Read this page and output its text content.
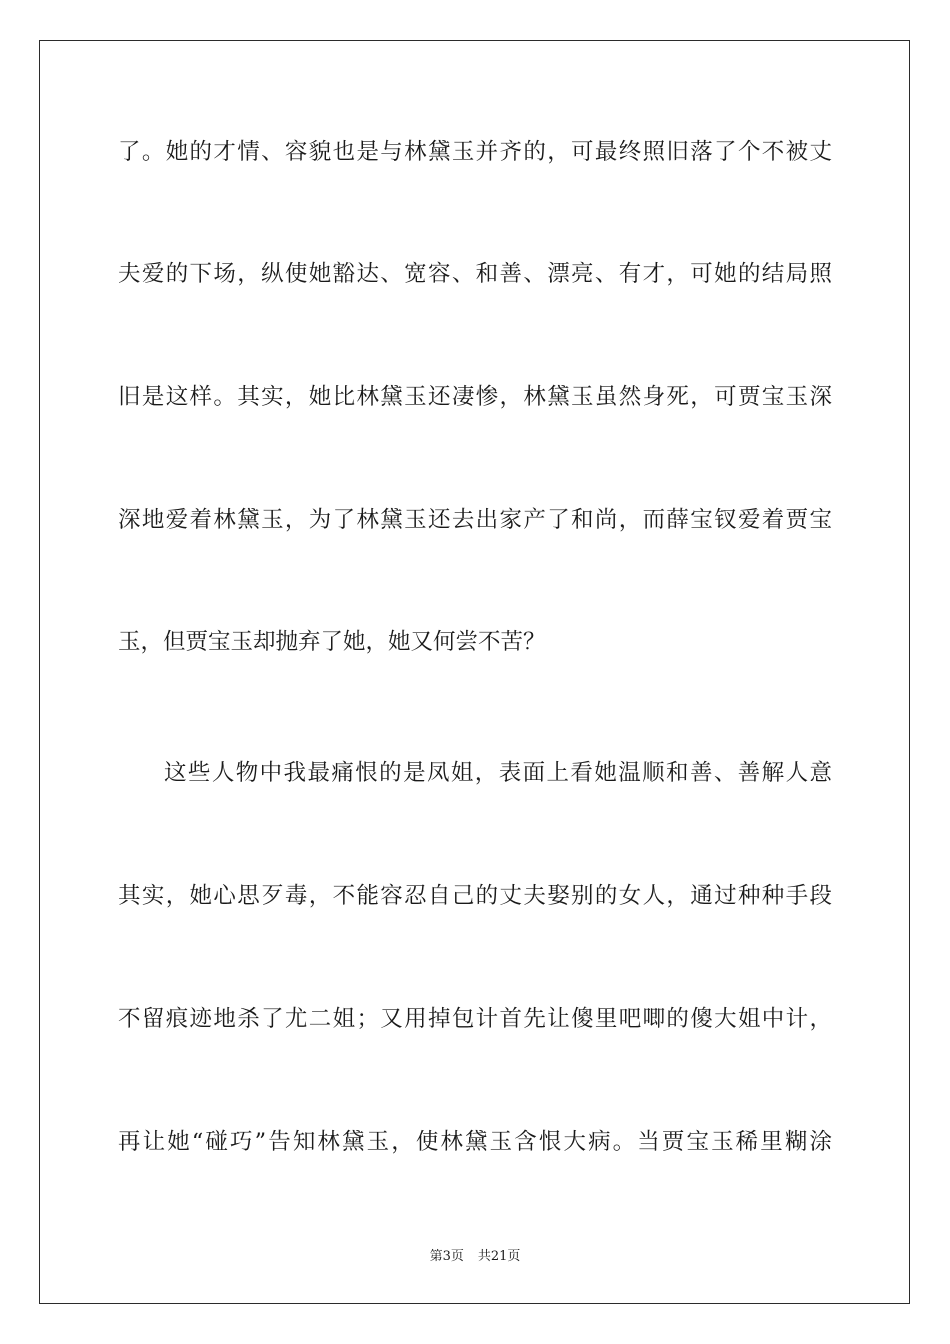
了。她的才情、容貌也是与林黛玉并齐的，可最终照旧落了个不被丈
夫爱的下场，纵使她豁达、宽容、和善、漂亮、有才，可她的结局照
旧是这样。其实，她比林黛玉还凄惨，林黛玉虽然身死，可贾宝玉深
深地爱着林黛玉，为了林黛玉还去出家产了和尚，而薛宝钗爱着贾宝
玉，但贾宝玉却抛弃了她，她又何尝不苦？
这些人物中我最痛恨的是凤姐，表面上看她温顺和善、善解人意
其实，她心思歹毒，不能容忍自己的丈夫娶别的女人，通过种种手段
不留痕迹地杀了尤二姐；又用掉包计首先让傻里吧唧的傻大姐中计，
再让她“碰巧”告知林黛玉，使林黛玉含恨大病。当贾宝玉稀里糊涂
第3页 共21页
